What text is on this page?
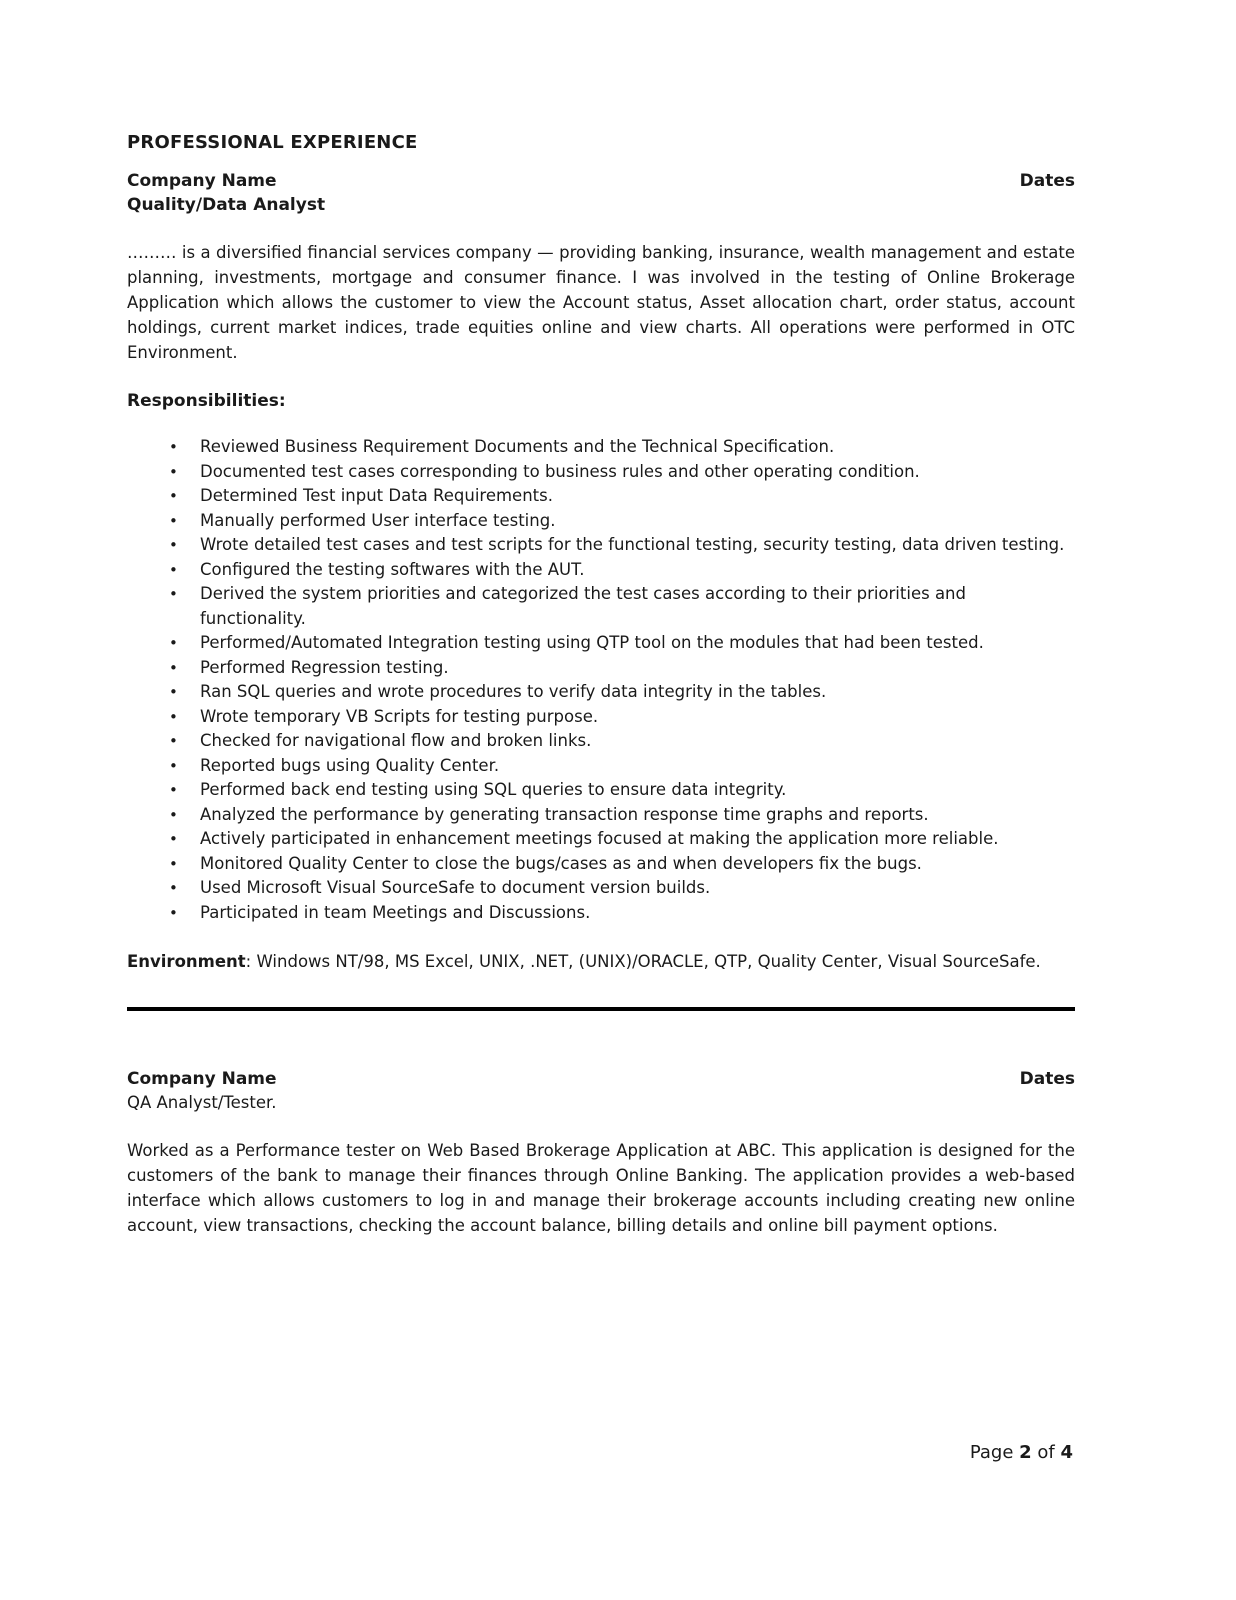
PROFESSIONAL EXPERIENCE
Company Name	Dates
Quality/Data Analyst

……… is a diversified financial services company — providing banking, insurance, wealth management and estate planning, investments, mortgage and consumer finance. I was involved in the testing of Online Brokerage Application which allows the customer to view the Account status, Asset allocation chart, order status, account holdings, current market indices, trade equities online and view charts. All operations were performed in OTC Environment.

Responsibilities:
• Reviewed Business Requirement Documents and the Technical Specification.
• Documented test cases corresponding to business rules and other operating condition.
• Determined Test input Data Requirements.
• Manually performed User interface testing.
• Wrote detailed test cases and test scripts for the functional testing, security testing, data driven testing.
• Configured the testing softwares with the AUT.
• Derived the system priorities and categorized the test cases according to their priorities and functionality.
• Performed/Automated Integration testing using QTP tool on the modules that had been tested.
• Performed Regression testing.
• Ran SQL queries and wrote procedures to verify data integrity in the tables.
• Wrote temporary VB Scripts for testing purpose.
• Checked for navigational flow and broken links.
• Reported bugs using Quality Center.
• Performed back end testing using SQL queries to ensure data integrity.
• Analyzed the performance by generating transaction response time graphs and reports.
• Actively participated in enhancement meetings focused at making the application more reliable.
• Monitored Quality Center to close the bugs/cases as and when developers fix the bugs.
• Used Microsoft Visual SourceSafe to document version builds.
• Participated in team Meetings and Discussions.

Environment: Windows NT/98, MS Excel, UNIX, .NET, (UNIX)/ORACLE, QTP, Quality Center, Visual SourceSafe.

Company Name	Dates
QA Analyst/Tester.

Worked as a Performance tester on Web Based Brokerage Application at ABC. This application is designed for the customers of the bank to manage their finances through Online Banking. The application provides a web-based interface which allows customers to log in and manage their brokerage accounts including creating new online account, view transactions, checking the account balance, billing details and online bill payment options.

Page 2 of 4
